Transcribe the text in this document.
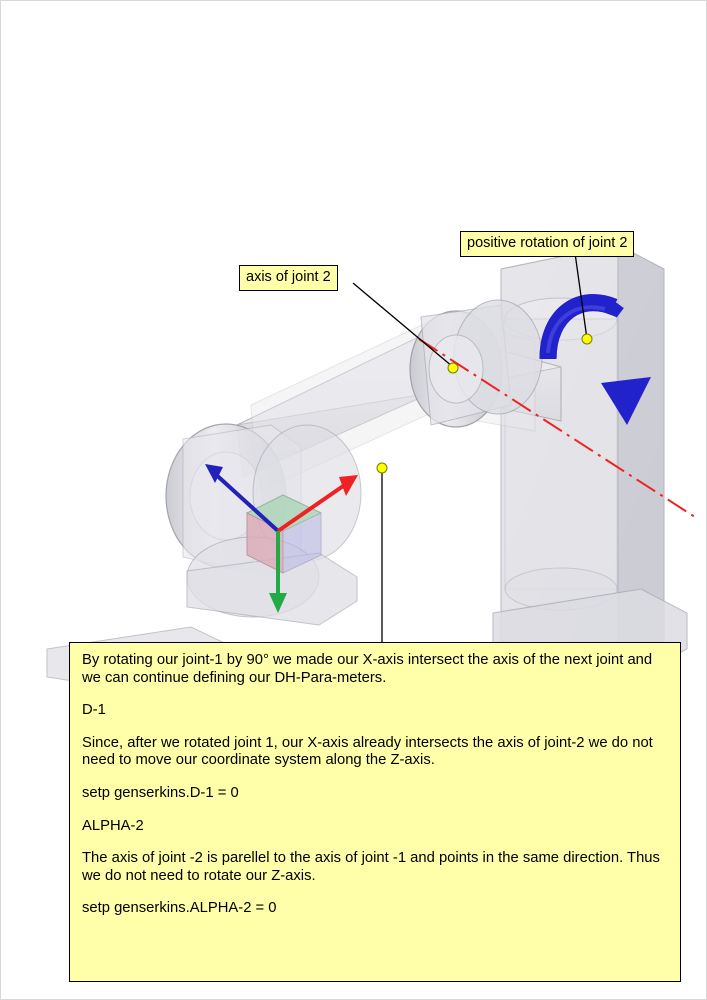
axis of joint 2
positive rotation of joint 2

By rotating our joint-1 by 90° we made our X-axis intersect the axis of the next joint and we can continue defining our DH-Para-meters.

D-1

Since, after we rotated joint 1, our X-axis already intersects the axis of joint-2 we do not need to move our coordinate system along the Z-axis.

setp genserkins.D-1 = 0

ALPHA-2

The axis of joint -2 is parellel to the axis of joint -1 and points in the same direction. Thus we do not need to rotate our Z-axis.

setp genserkins.ALPHA-2 = 0
